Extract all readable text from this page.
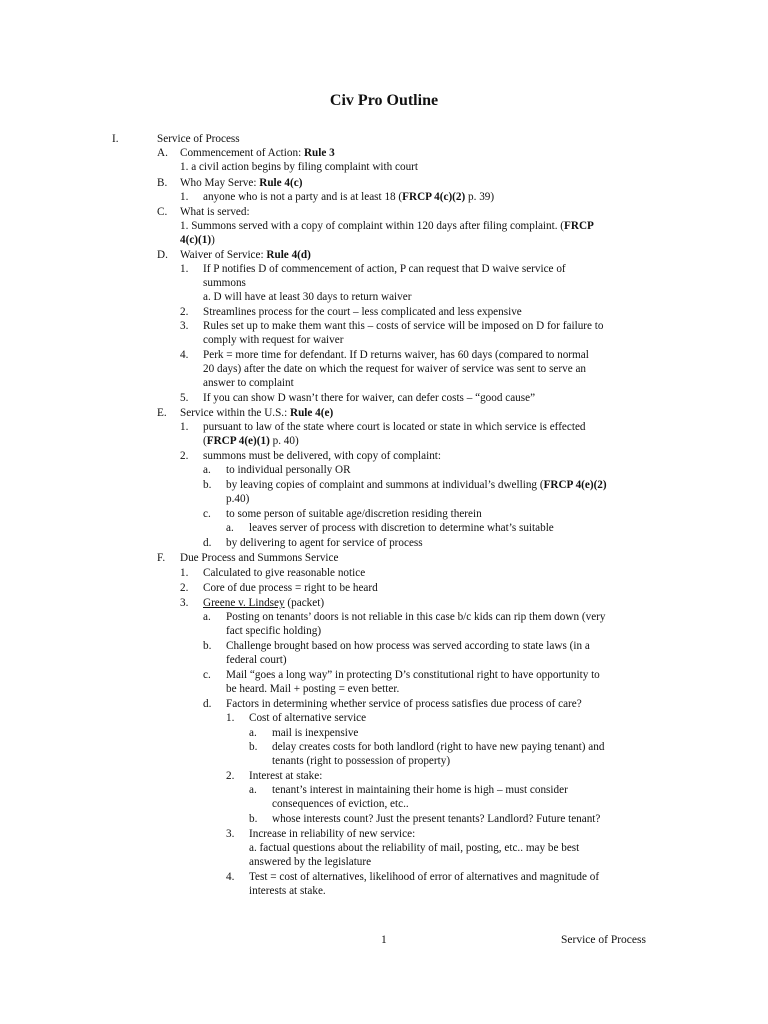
Civ Pro Outline
I.	Service of Process
A. Commencement of Action: Rule 3
1. a civil action begins by filing complaint with court
B. Who May Serve: Rule 4(c)
1. anyone who is not a party and is at least 18 (FRCP 4(c)(2) p. 39)
C. What is served:
1. Summons served with a copy of complaint within 120 days after filing complaint. (FRCP
4(c)(1))
D. Waiver of Service: Rule 4(d)
1. If P notifies D of commencement of action, P can request that D waive service of
summons
a. D will have at least 30 days to return waiver
2. Streamlines process for the court – less complicated and less expensive
3. Rules set up to make them want this – costs of service will be imposed on D for failure to
comply with request for waiver
4. Perk = more time for defendant. If D returns waiver, has 60 days (compared to normal
20 days) after the date on which the request for waiver of service was sent to serve an
answer to complaint
5. If you can show D wasn’t there for waiver, can defer costs – “good cause”
E. Service within the U.S.: Rule 4(e)
1. pursuant to law of the state where court is located or state in which service is effected
(FRCP 4(e)(1) p. 40)
2. summons must be delivered, with copy of complaint:
a. to individual personally OR
b. by leaving copies of complaint and summons at individual’s dwelling (FRCP 4(e)(2)
p.40)
c. to some person of suitable age/discretion residing therein
a. leaves server of process with discretion to determine what’s suitable
d. by delivering to agent for service of process
F. Due Process and Summons Service
1. Calculated to give reasonable notice
2. Core of due process = right to be heard
3. Greene v. Lindsey (packet)
a. Posting on tenants’ doors is not reliable in this case b/c kids can rip them down (very
fact specific holding)
b. Challenge brought based on how process was served according to state laws (in a
federal court)
c. Mail “goes a long way” in protecting D’s constitutional right to have opportunity to
be heard. Mail + posting = even better.
d. Factors in determining whether service of process satisfies due process of care?
1. Cost of alternative service
a. mail is inexpensive
b. delay creates costs for both landlord (right to have new paying tenant) and
tenants (right to possession of property)
2. Interest at stake:
a. tenant’s interest in maintaining their home is high – must consider
consequences of eviction, etc..
b. whose interests count? Just the present tenants? Landlord? Future tenant?
3. Increase in reliability of new service:
a. factual questions about the reliability of mail, posting, etc.. may be best
answered by the legislature
4. Test = cost of alternatives, likelihood of error of alternatives and magnitude of
interests at stake.
1	Service of Process
